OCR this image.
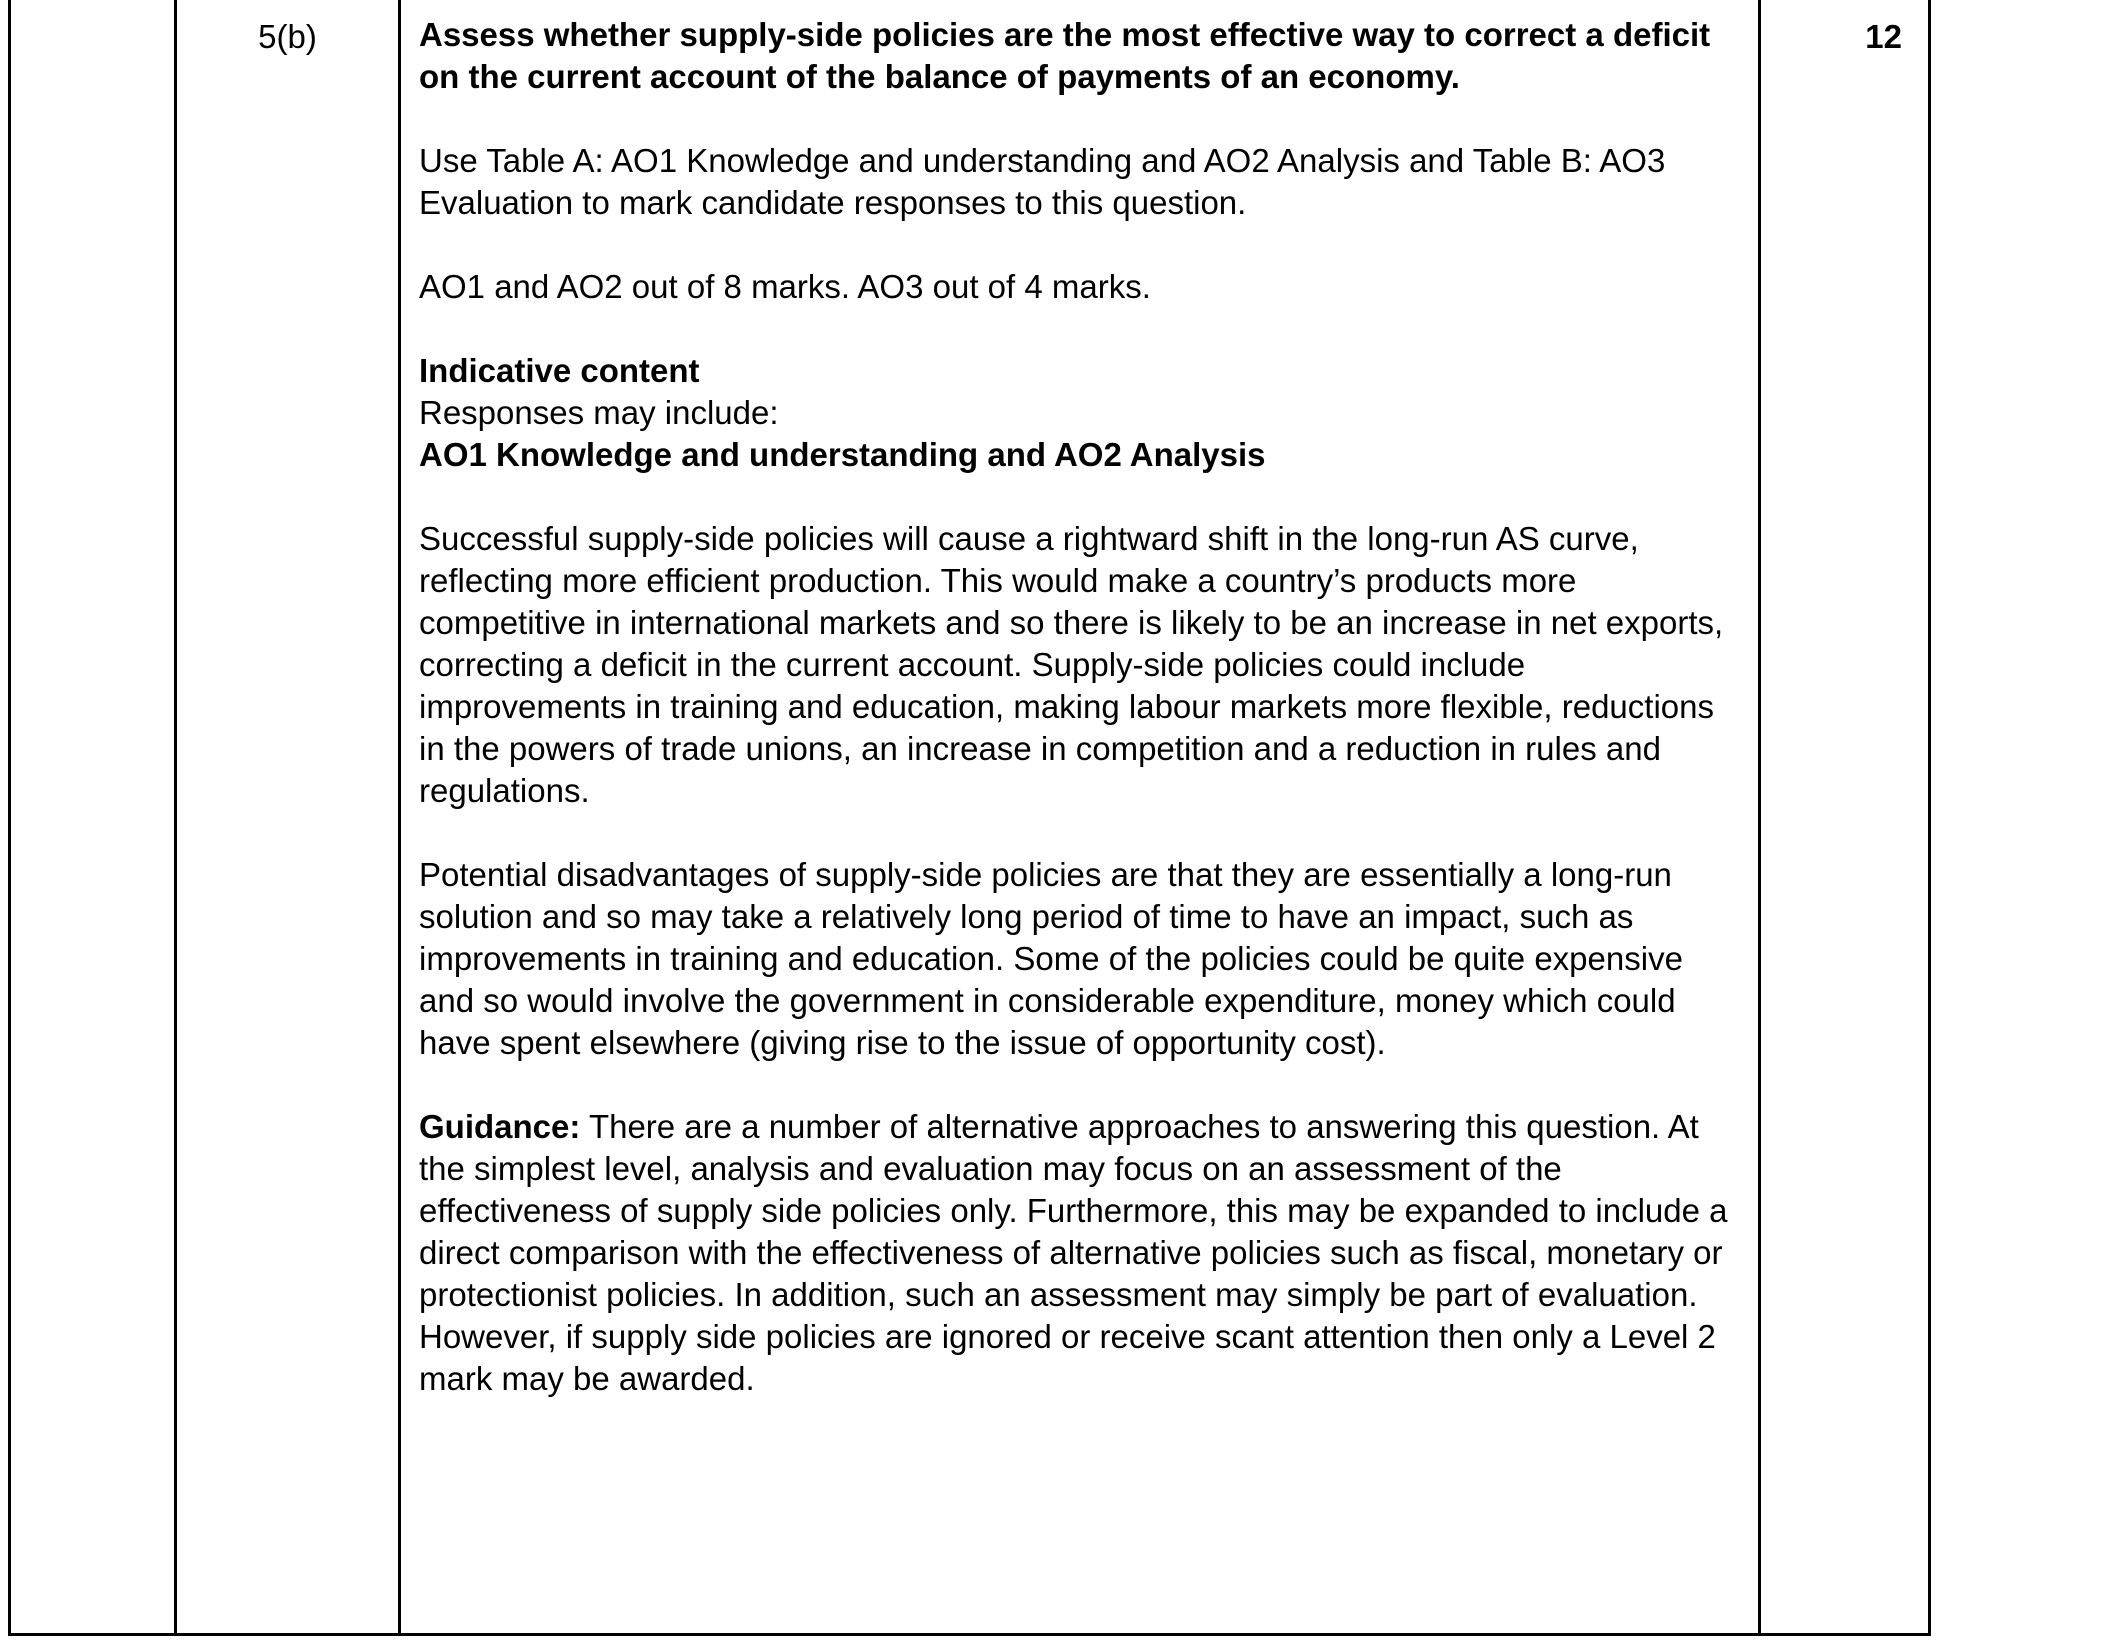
5(b)	Assess whether supply-side policies are the most effective way to correct a deficit on the current account of the balance of payments of an economy.
Use Table A: AO1 Knowledge and understanding and AO2 Analysis and Table B: AO3 Evaluation to mark candidate responses to this question.
AO1 and AO2 out of 8 marks. AO3 out of 4 marks.
Indicative content
Responses may include:
AO1 Knowledge and understanding and AO2 Analysis
Successful supply-side policies will cause a rightward shift in the long-run AS curve, reflecting more efficient production. This would make a country’s products more competitive in international markets and so there is likely to be an increase in net exports, correcting a deficit in the current account. Supply-side policies could include improvements in training and education, making labour markets more flexible, reductions in the powers of trade unions, an increase in competition and a reduction in rules and regulations.
Potential disadvantages of supply-side policies are that they are essentially a long-run solution and so may take a relatively long period of time to have an impact, such as improvements in training and education. Some of the policies could be quite expensive and so would involve the government in considerable expenditure, money which could have spent elsewhere (giving rise to the issue of opportunity cost).
Guidance: There are a number of alternative approaches to answering this question. At the simplest level, analysis and evaluation may focus on an assessment of the effectiveness of supply side policies only. Furthermore, this may be expanded to include a direct comparison with the effectiveness of alternative policies such as fiscal, monetary or protectionist policies. In addition, such an assessment may simply be part of evaluation. However, if supply side policies are ignored or receive scant attention then only a Level 2 mark may be awarded.
12
